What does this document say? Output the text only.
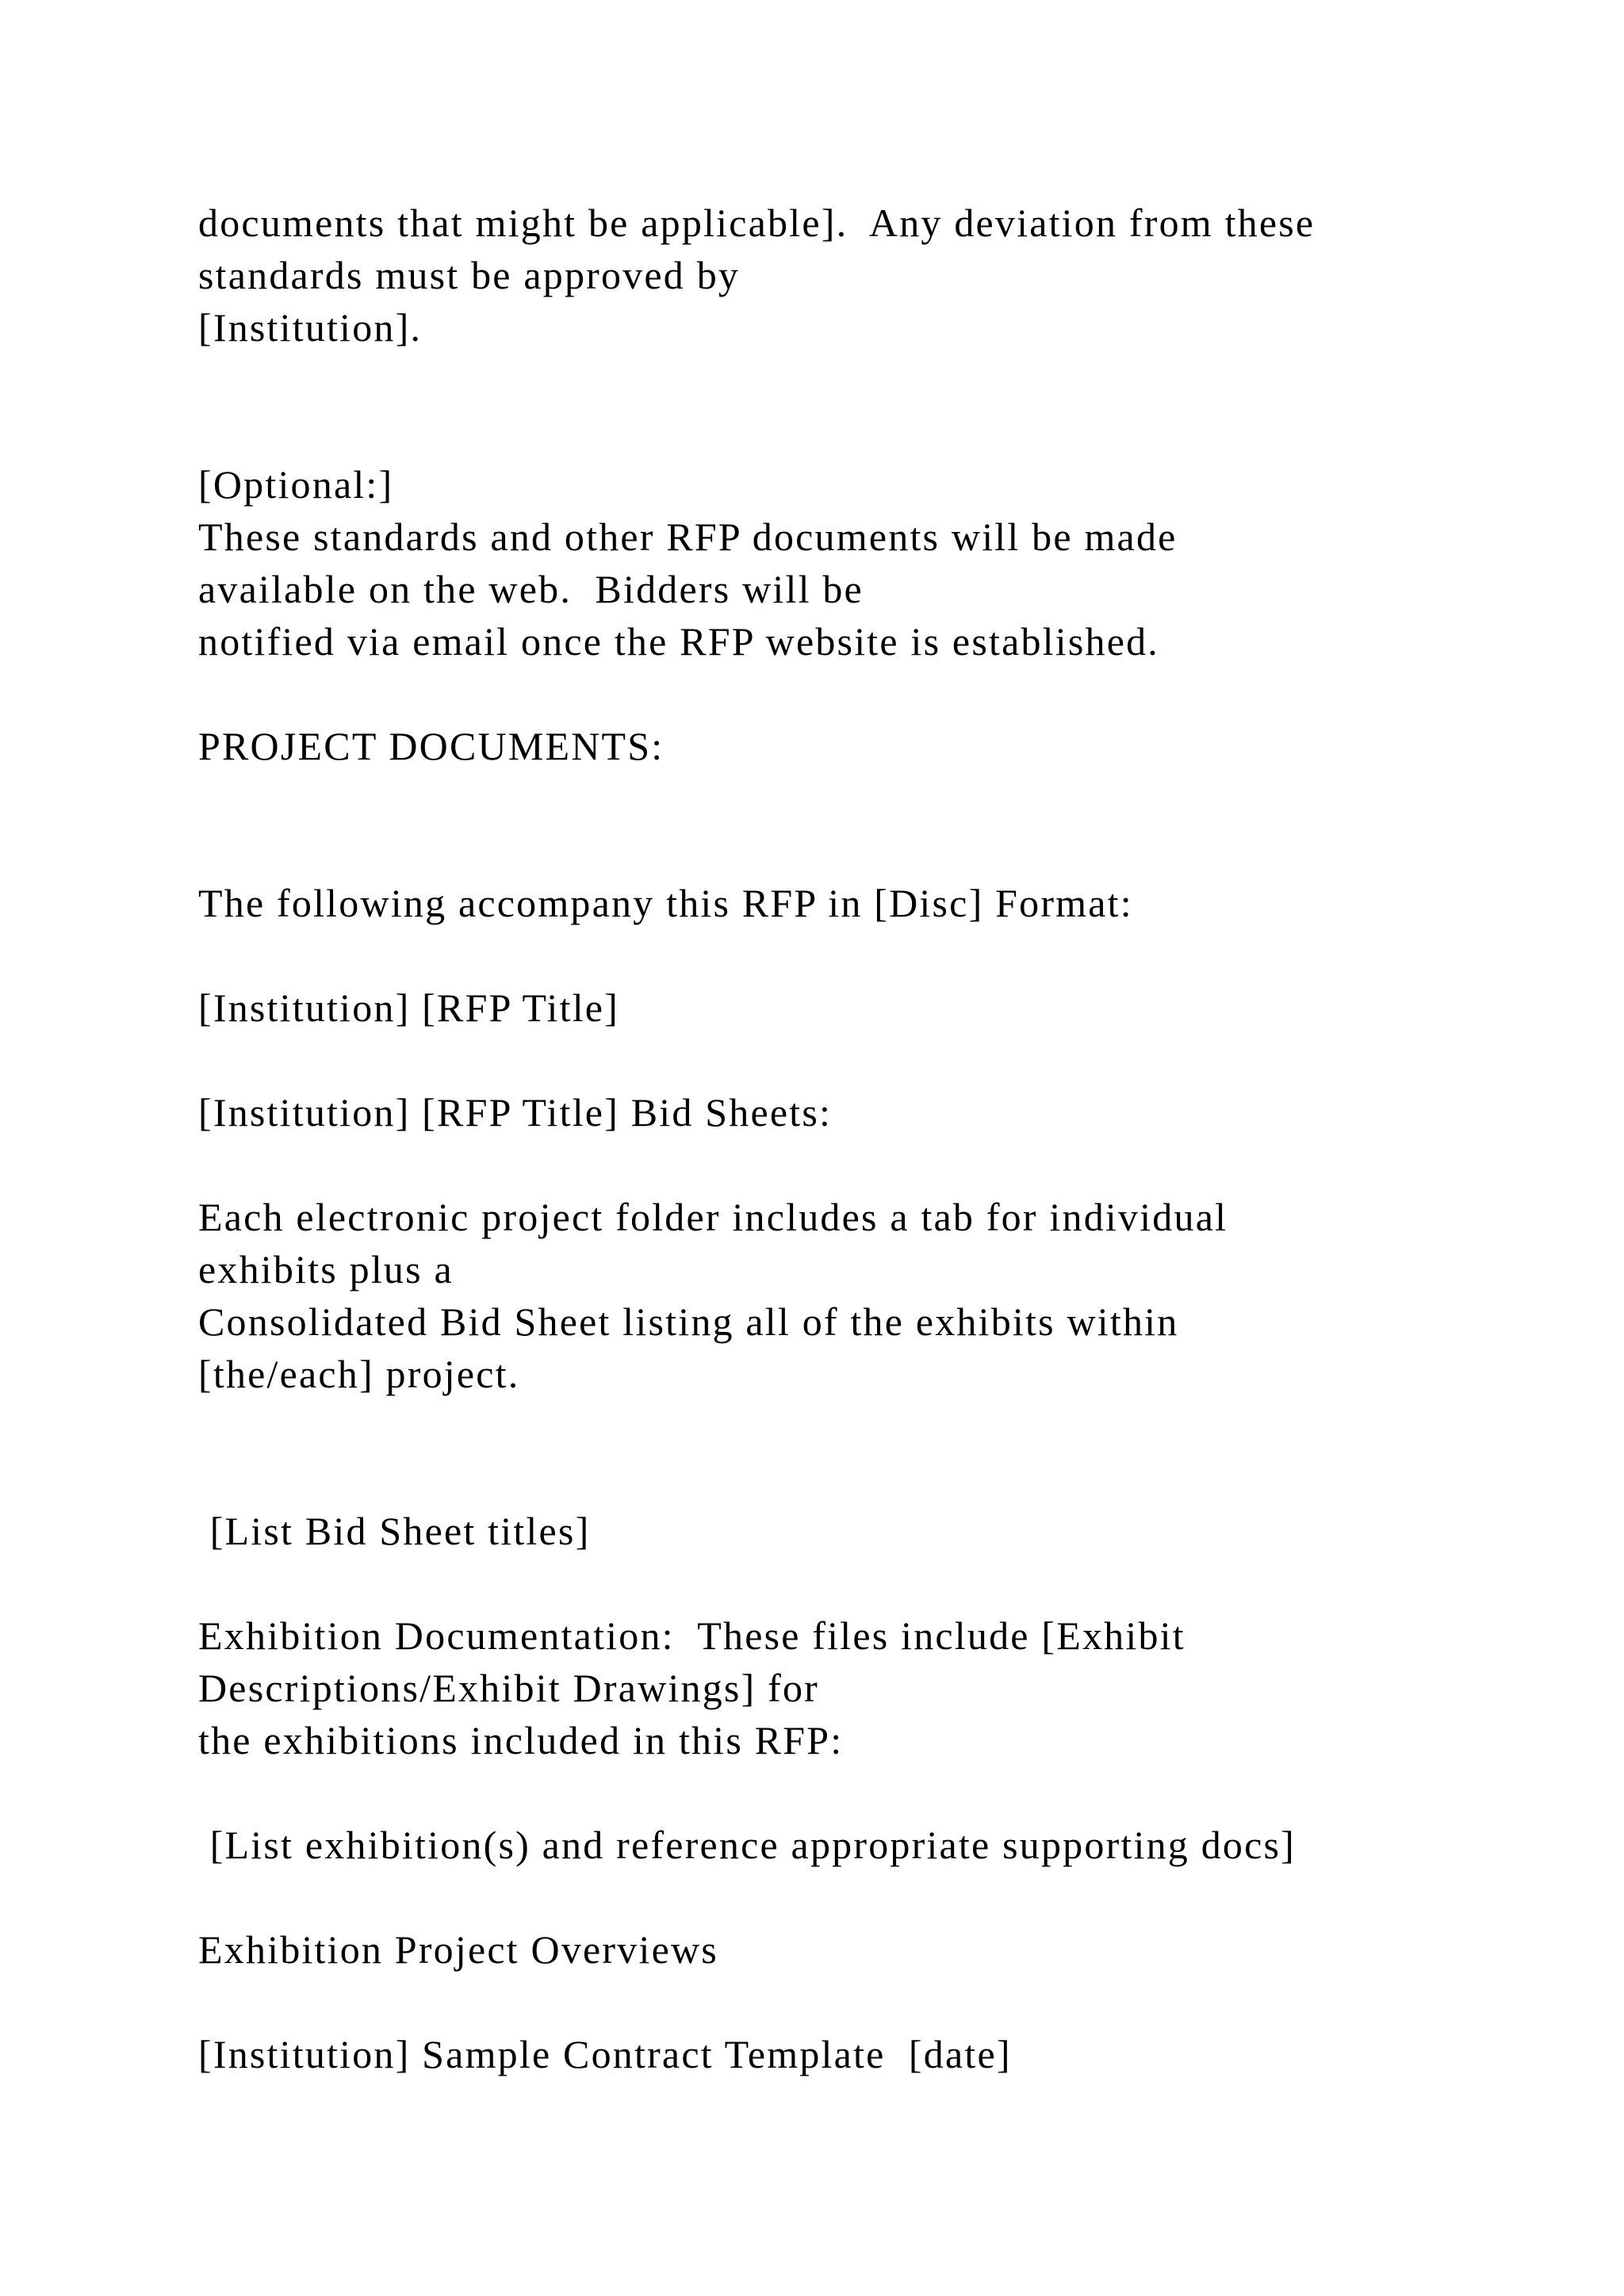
documents that might be applicable].  Any deviation from these

standards must be approved by

[Institution].

[Optional:]

These standards and other RFP documents will be made

available on the web.  Bidders will be

notified via email once the RFP website is established.

PROJECT DOCUMENTS:

The following accompany this RFP in [Disc] Format:

[Institution] [RFP Title]

[Institution] [RFP Title] Bid Sheets:

Each electronic project folder includes a tab for individual

exhibits plus a

Consolidated Bid Sheet listing all of the exhibits within

[the/each] project.

[List Bid Sheet titles]

Exhibition Documentation:  These files include [Exhibit

Descriptions/Exhibit Drawings] for

the exhibitions included in this RFP:

[List exhibition(s) and reference appropriate supporting docs]

Exhibition Project Overviews

[Institution] Sample Contract Template  [date]
